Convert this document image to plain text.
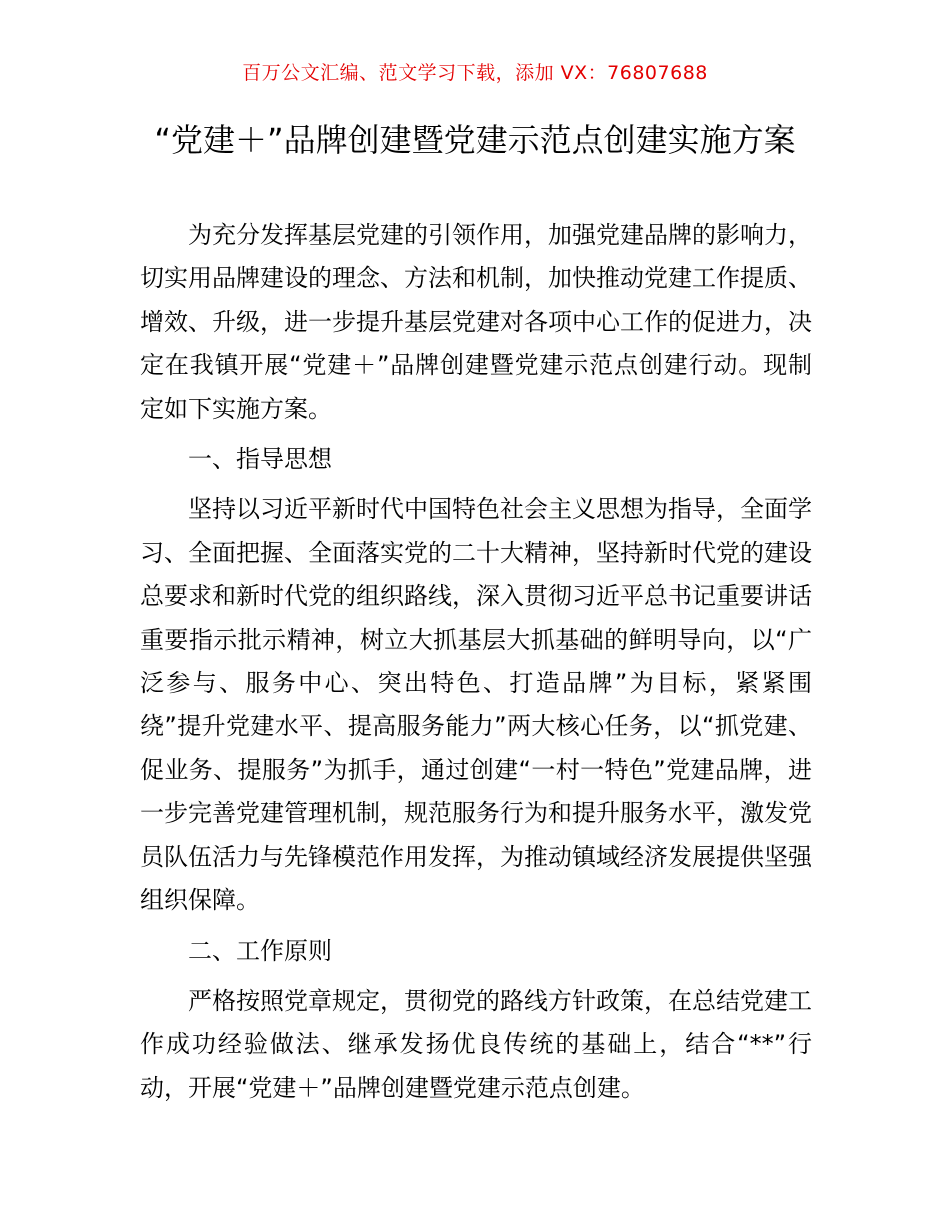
百万公文汇编、范文学习下载，添加 VX：76807688
“党建＋”品牌创建暨党建示范点创建实施方案

为充分发挥基层党建的引领作用，加强党建品牌的影响力，切实用品牌建设的理念、方法和机制，加快推动党建工作提质、增效、升级，进一步提升基层党建对各项中心工作的促进力，决定在我镇开展“党建＋”品牌创建暨党建示范点创建行动。现制定如下实施方案。

一、指导思想

坚持以习近平新时代中国特色社会主义思想为指导，全面学习、全面把握、全面落实党的二十大精神，坚持新时代党的建设总要求和新时代党的组织路线，深入贯彻习近平总书记重要讲话重要指示批示精神，树立大抓基层大抓基础的鲜明导向，以“广泛参与、服务中心、突出特色、打造品牌”为目标，紧紧围绕”提升党建水平、提高服务能力”两大核心任务，以“抓党建、促业务、提服务”为抓手，通过创建“一村一特色”党建品牌，进一步完善党建管理机制，规范服务行为和提升服务水平，激发党员队伍活力与先锋模范作用发挥，为推动镇域经济发展提供坚强组织保障。

二、工作原则

严格按照党章规定，贯彻党的路线方针政策，在总结党建工作成功经验做法、继承发扬优良传统的基础上，结合“**”行动，开展“党建＋”品牌创建暨党建示范点创建。
